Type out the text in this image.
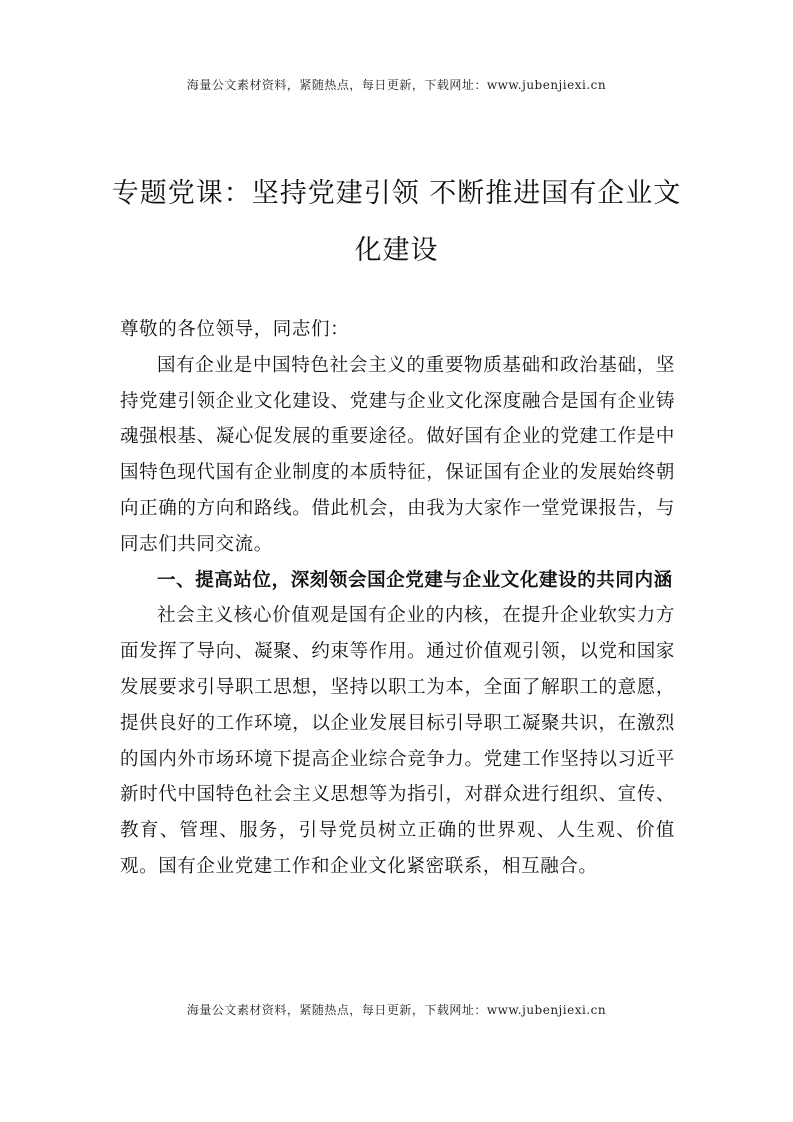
海量公文素材资料，紧随热点，每日更新，下载网址：www.jubenjiexi.cn
专题党课：坚持党建引领 不断推进国有企业文化建设

尊敬的各位领导，同志们：

国有企业是中国特色社会主义的重要物质基础和政治基础，坚持党建引领企业文化建设、党建与企业文化深度融合是国有企业铸魂强根基、凝心促发展的重要途径。做好国有企业的党建工作是中国特色现代国有企业制度的本质特征，保证国有企业的发展始终朝向正确的方向和路线。借此机会，由我为大家作一堂党课报告，与同志们共同交流。

一、提高站位，深刻领会国企党建与企业文化建设的共同内涵

社会主义核心价值观是国有企业的内核，在提升企业软实力方面发挥了导向、凝聚、约束等作用。通过价值观引领，以党和国家发展要求引导职工思想，坚持以职工为本，全面了解职工的意愿，提供良好的工作环境，以企业发展目标引导职工凝聚共识，在激烈的国内外市场环境下提高企业综合竞争力。党建工作坚持以习近平新时代中国特色社会主义思想等为指引，对群众进行组织、宣传、教育、管理、服务，引导党员树立正确的世界观、人生观、价值观。国有企业党建工作和企业文化紧密联系，相互融合。

海量公文素材资料，紧随热点，每日更新，下载网址：www.jubenjiexi.cn
